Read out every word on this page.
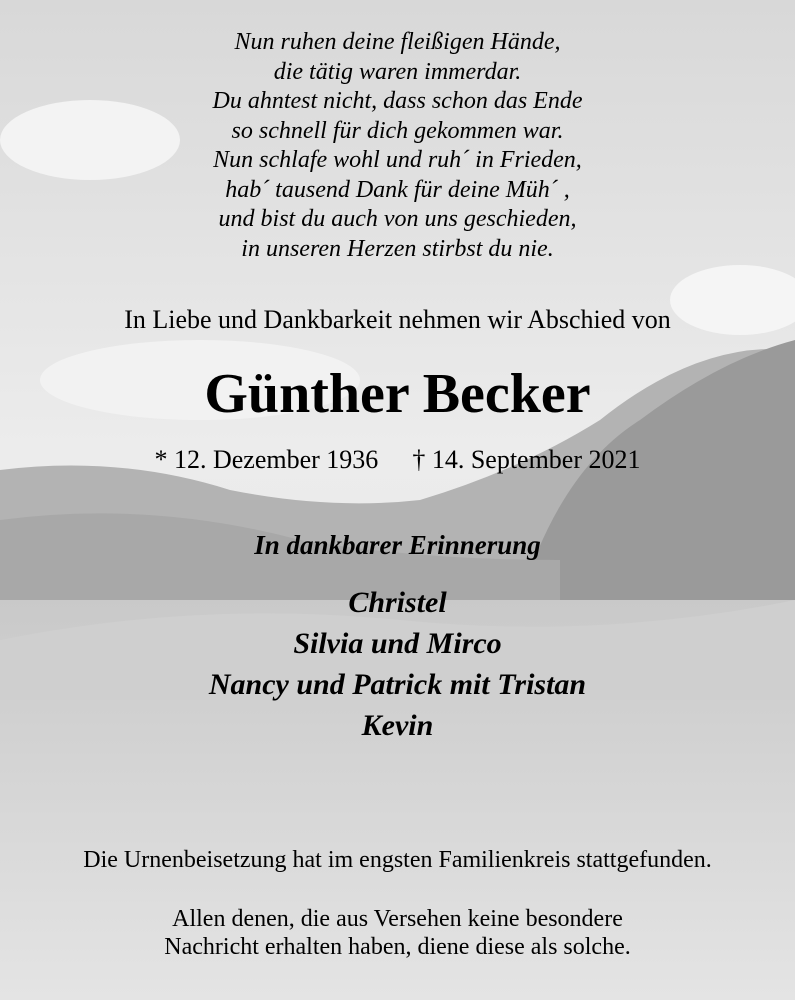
Nun ruhen deine fleißigen Hände,
die tätig waren immerdar.
Du ahntest nicht, dass schon das Ende
so schnell für dich gekommen war.
Nun schlafe wohl und ruh´ in Frieden,
hab´ tausend Dank für deine Müh´ ,
und bist du auch von uns geschieden,
in unseren Herzen stirbst du nie.
In Liebe und Dankbarkeit nehmen wir Abschied von
Günther Becker
* 12. Dezember 1936 † 14. September 2021
In dankbarer Erinnerung
Christel
Silvia und Mirco
Nancy und Patrick mit Tristan
Kevin
Die Urnenbeisetzung hat im engsten Familienkreis stattgefunden.
Allen denen, die aus Versehen keine besondere
Nachricht erhalten haben, diene diese als solche.
